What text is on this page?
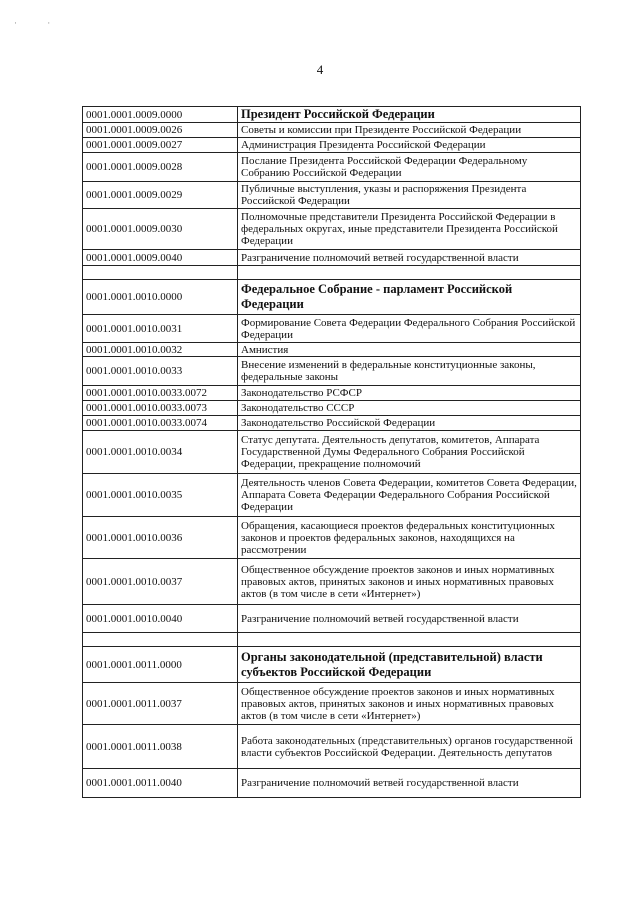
· ·
4
0001.0001.0009.0000	Президент Российской Федерации
0001.0001.0009.0026	Советы и комиссии при Президенте Российской Федерации
0001.0001.0009.0027	Администрация Президента Российской Федерации
0001.0001.0009.0028	Послание Президента Российской Федерации Федеральному Собранию Российской Федерации
0001.0001.0009.0029	Публичные выступления, указы и распоряжения Президента Российской Федерации
0001.0001.0009.0030	Полномочные представители Президента Российской Федерации в федеральных округах, иные представители Президента Российской Федерации
0001.0001.0009.0040	Разграничение полномочий ветвей государственной власти

0001.0001.0010.0000	Федеральное Собрание - парламент Российской Федерации
0001.0001.0010.0031	Формирование Совета Федерации Федерального Собрания Российской Федерации
0001.0001.0010.0032	Амнистия
0001.0001.0010.0033	Внесение изменений в федеральные конституционные законы, федеральные законы
0001.0001.0010.0033.0072	Законодательство РСФСР
0001.0001.0010.0033.0073	Законодательство СССР
0001.0001.0010.0033.0074	Законодательство Российской Федерации
0001.0001.0010.0034	Статус депутата. Деятельность депутатов, комитетов, Аппарата Государственной Думы Федерального Собрания Российской Федерации, прекращение полномочий
0001.0001.0010.0035	Деятельность членов Совета Федерации, комитетов Совета Федерации, Аппарата Совета Федерации Федерального Собрания Российской Федерации
0001.0001.0010.0036	Обращения, касающиеся проектов федеральных конституционных законов и проектов федеральных законов, находящихся на рассмотрении
0001.0001.0010.0037	Общественное обсуждение проектов законов и иных нормативных правовых актов, принятых законов и иных нормативных правовых актов (в том числе в сети «Интернет»)
0001.0001.0010.0040	Разграничение полномочий ветвей государственной власти

0001.0001.0011.0000	Органы законодательной (представительной) власти субъектов Российской Федерации
0001.0001.0011.0037	Общественное обсуждение проектов законов и иных нормативных правовых актов, принятых законов и иных нормативных правовых актов (в том числе в сети «Интернет»)
0001.0001.0011.0038	Работа законодательных (представительных) органов государственной власти субъектов Российской Федерации. Деятельность депутатов
0001.0001.0011.0040	Разграничение полномочий ветвей государственной власти
